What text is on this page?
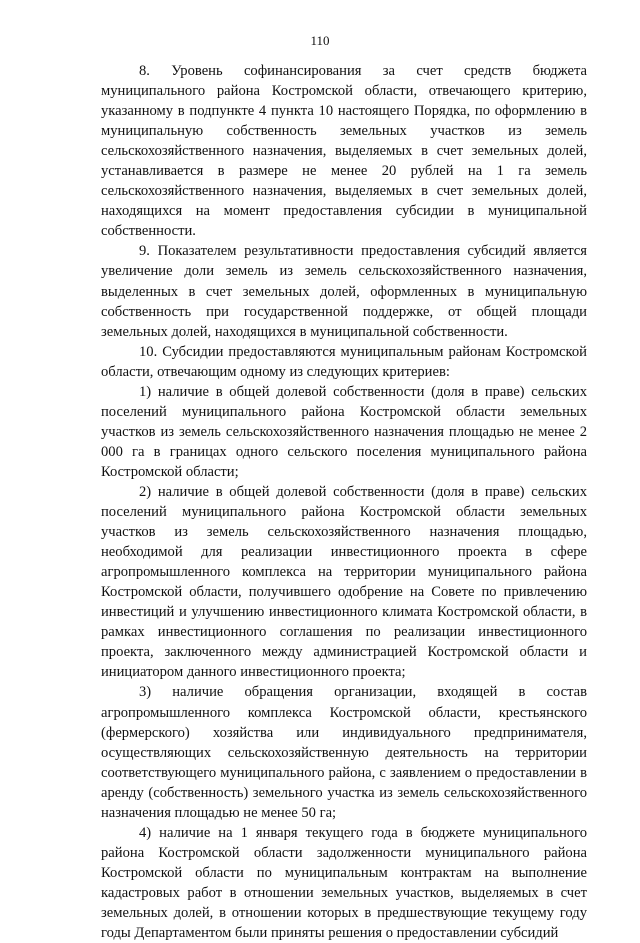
110

8. Уровень софинансирования за счет средств бюджета муниципального района Костромской области, отвечающего критерию, указанному в подпункте 4 пункта 10 настоящего Порядка, по оформлению в муниципальную собственность земельных участков из земель сельскохозяйственного назначения, выделяемых в счет земельных долей, устанавливается в размере не менее 20 рублей на 1 га земель сельскохозяйственного назначения, выделяемых в счет земельных долей, находящихся на момент предоставления субсидии в муниципальной собственности.

9. Показателем результативности предоставления субсидий является увеличение доли земель из земель сельскохозяйственного назначения, выделенных в счет земельных долей, оформленных в муниципальную собственность при государственной поддержке, от общей площади земельных долей, находящихся в муниципальной собственности.

10. Субсидии предоставляются муниципальным районам Костромской области, отвечающим одному из следующих критериев:

1) наличие в общей долевой собственности (доля в праве) сельских поселений муниципального района Костромской области земельных участков из земель сельскохозяйственного назначения площадью не менее 2 000 га в границах одного сельского поселения муниципального района Костромской области;

2) наличие в общей долевой собственности (доля в праве) сельских поселений муниципального района Костромской области земельных участков из земель сельскохозяйственного назначения площадью, необходимой для реализации инвестиционного проекта в сфере агропромышленного комплекса на территории муниципального района Костромской области, получившего одобрение на Совете по привлечению инвестиций и улучшению инвестиционного климата Костромской области, в рамках инвестиционного соглашения по реализации инвестиционного проекта, заключенного между администрацией Костромской области и инициатором данного инвестиционного проекта;

3) наличие обращения организации, входящей в состав агропромышленного комплекса Костромской области, крестьянского (фермерского) хозяйства или индивидуального предпринимателя, осуществляющих сельскохозяйственную деятельность на территории соответствующего муниципального района, с заявлением о предоставлении в аренду (собственность) земельного участка из земель сельскохозяйственного назначения площадью не менее 50 га;

4) наличие на 1 января текущего года в бюджете муниципального района Костромской области задолженности муниципального района Костромской области по муниципальным контрактам на выполнение кадастровых работ в отношении земельных участков, выделяемых в счет земельных долей, в отношении которых в предшествующие текущему году годы Департаментом были приняты решения о предоставлении субсидий
